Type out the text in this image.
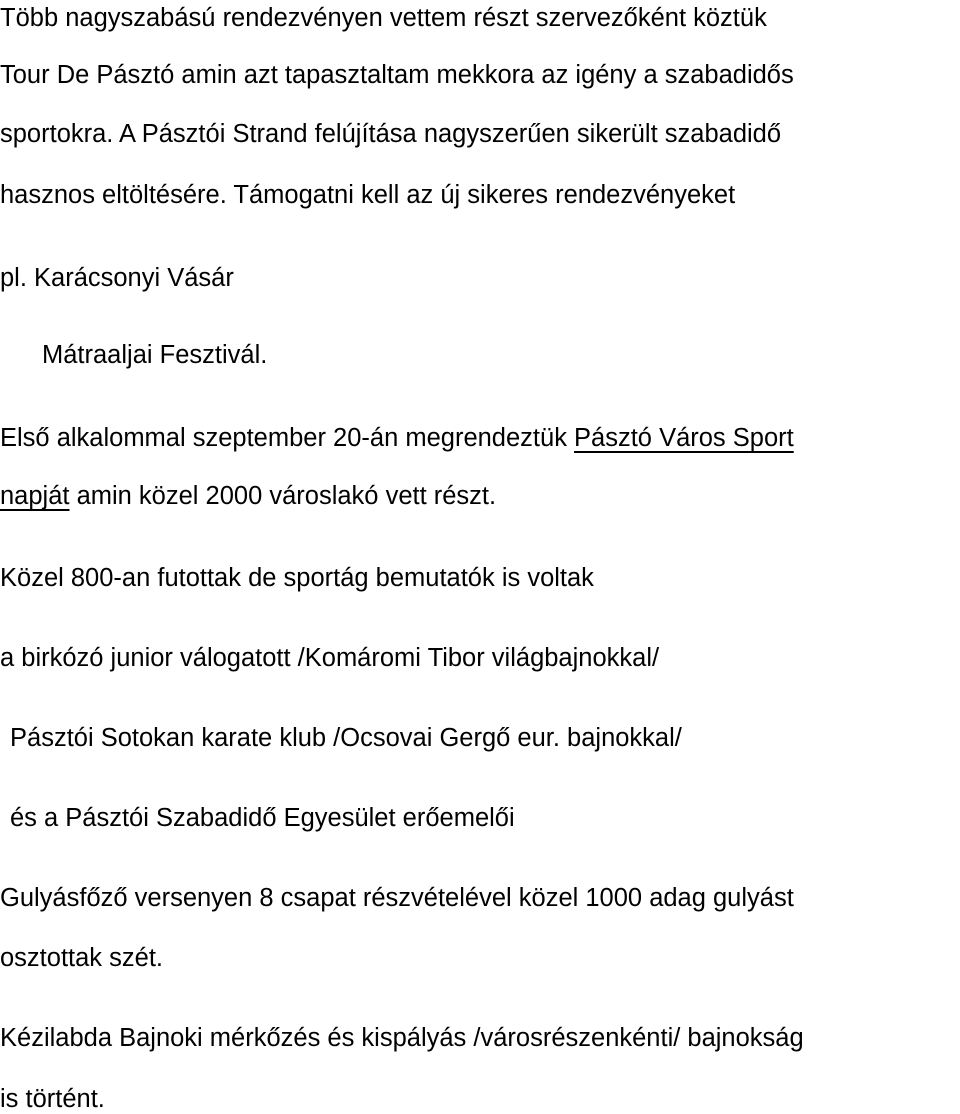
Több nagyszabású rendezvényen vettem részt szervezőként köztük
Tour De Pásztó amin azt tapasztaltam mekkora az igény a szabadidős
sportokra. A Pásztói Strand felújítása nagyszerűen sikerült szabadidő
hasznos eltöltésére. Támogatni kell az új sikeres rendezvényeket
pl. Karácsonyi Vásár
Mátraaljai Fesztivál.
Első alkalommal szeptember 20-án megrendeztük Pásztó Város Sport
napját amin közel 2000 városlakó vett részt.
Közel 800-an futottak de sportág bemutatók is voltak
a birkózó junior válogatott /Komáromi Tibor világbajnokkal/
Pásztói Sotokan karate klub /Ocsovai Gergő eur. bajnokkal/
és a Pásztói Szabadidő Egyesület erőemelői
Gulyásfőző versenyen 8 csapat részvételével közel 1000 adag gulyást
osztottak szét.
Kézilabda Bajnoki mérkőzés és kispályás /városrészenkénti/ bajnokság
is történt.
